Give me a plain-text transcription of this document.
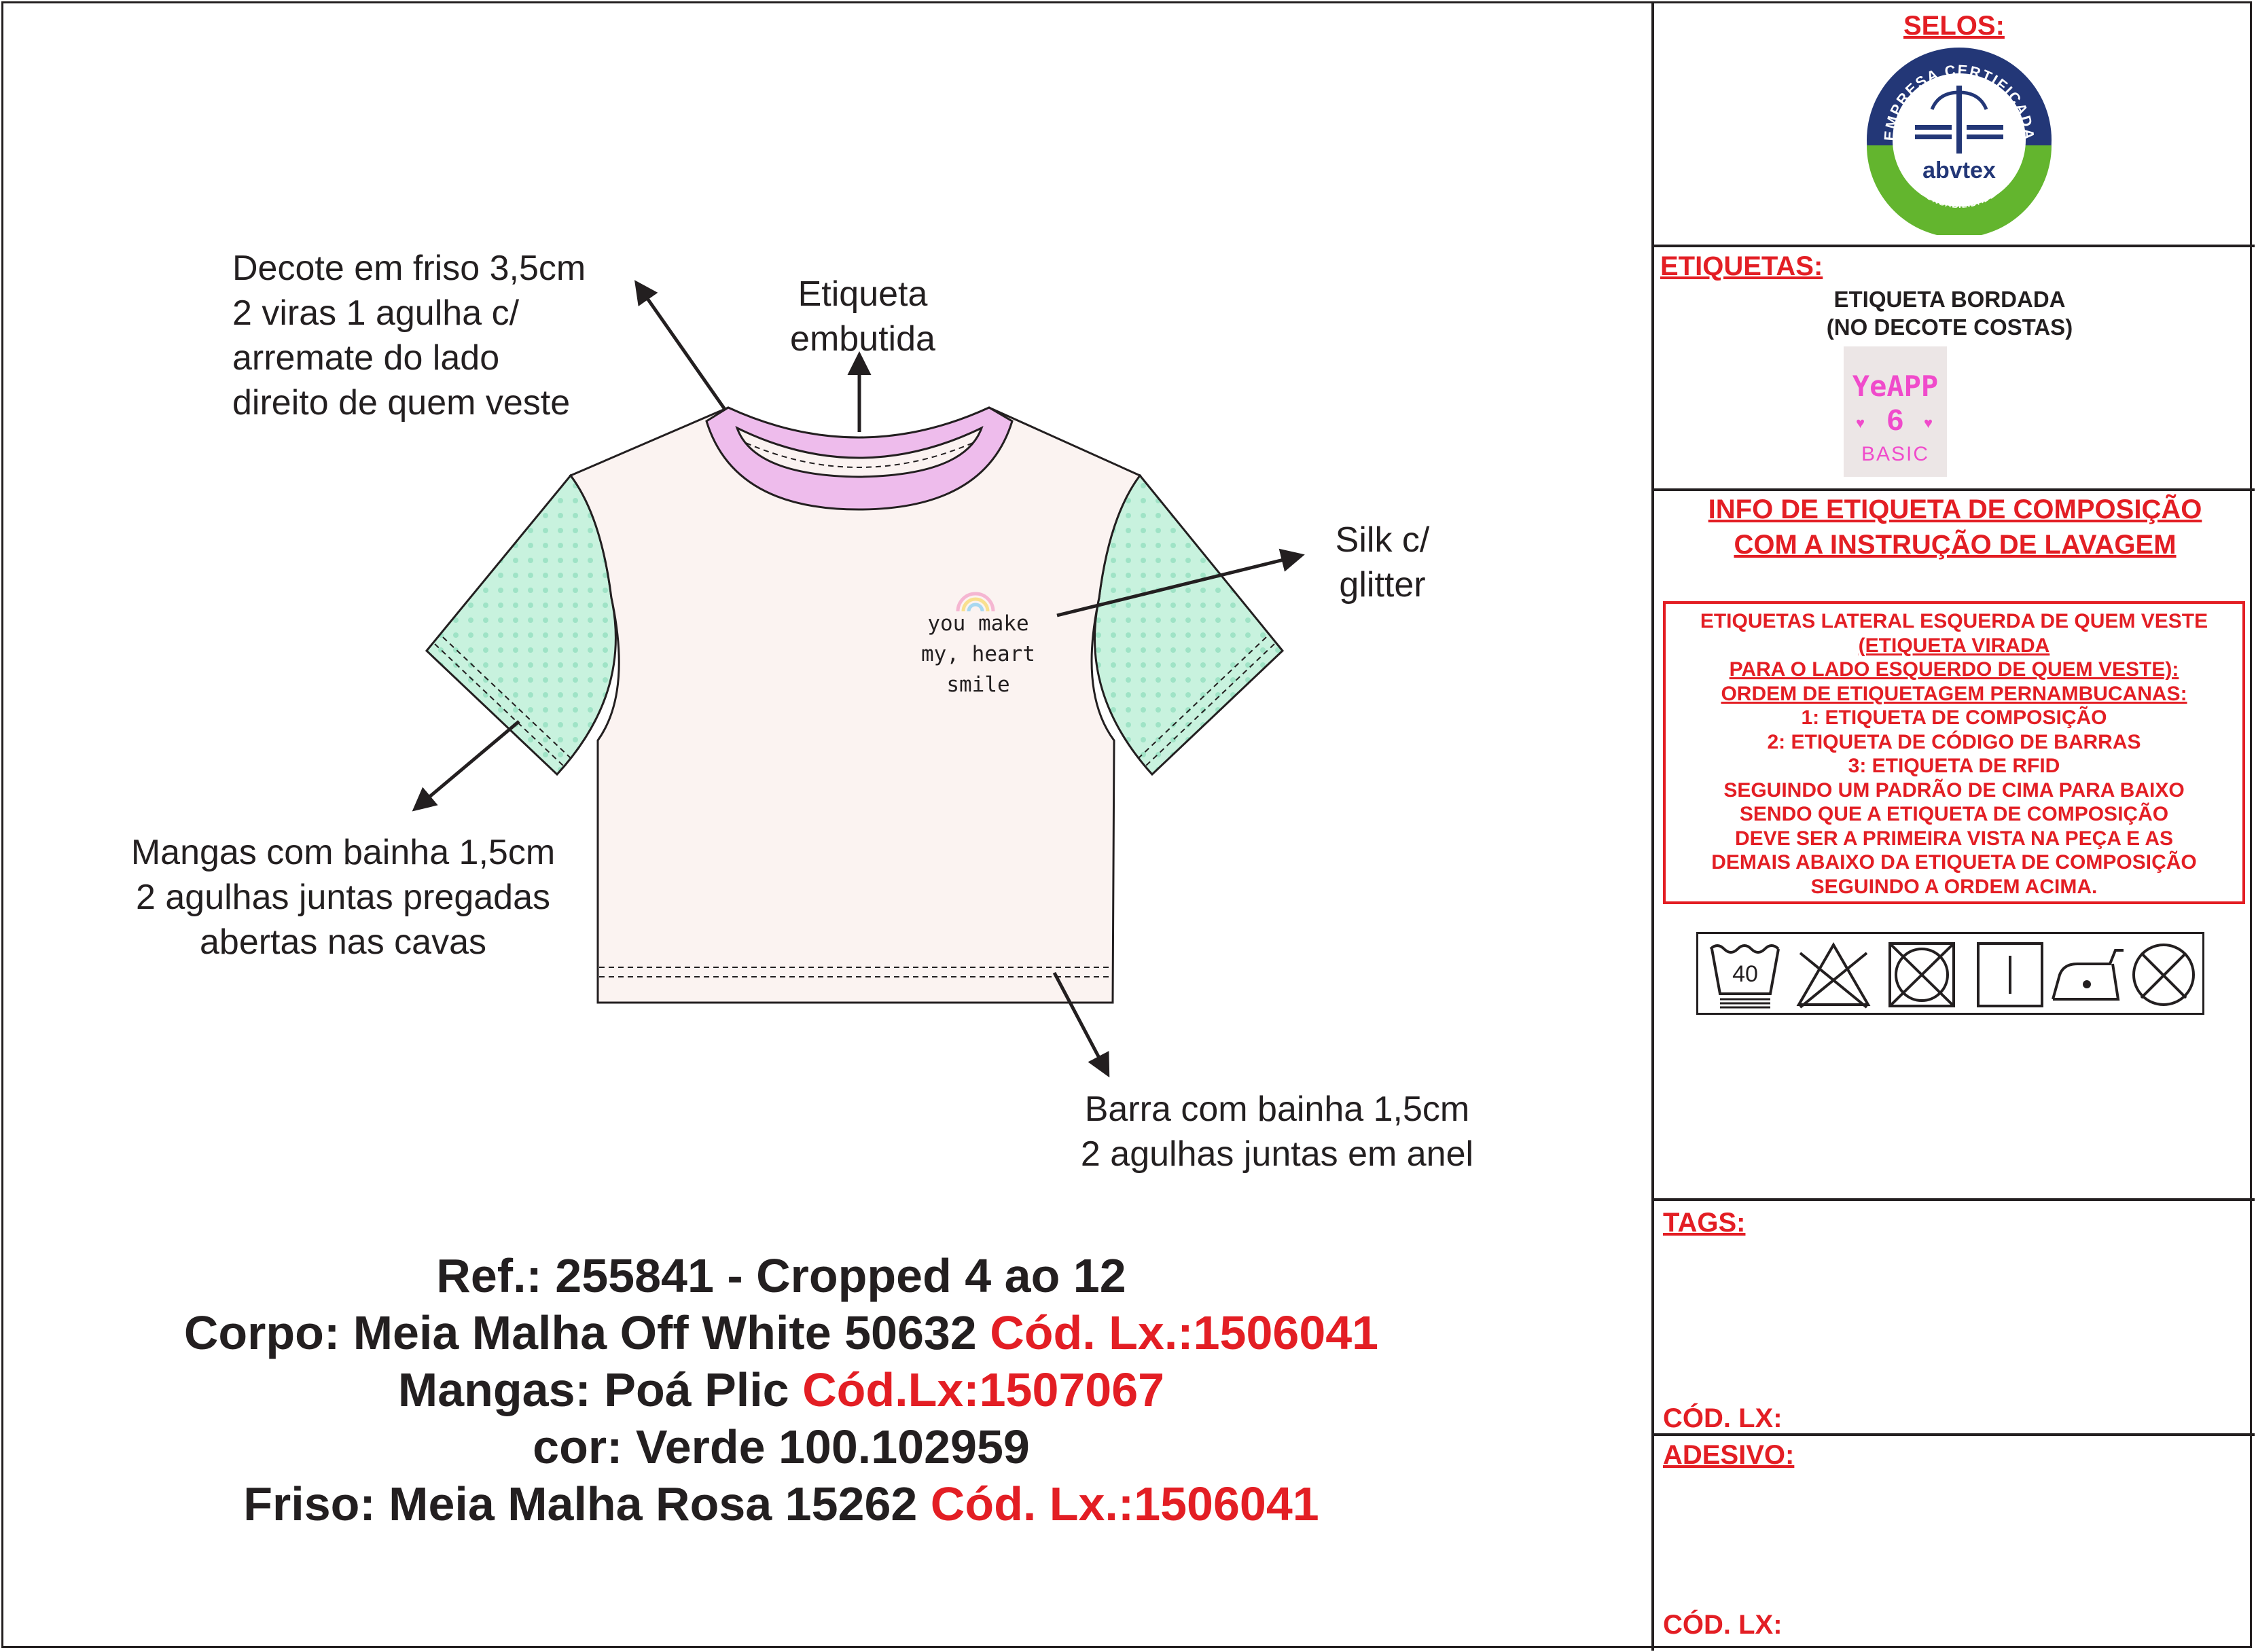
you make
my, heart
smile
Decote em friso 3,5cm
2 viras 1 agulha c/
arremate do lado
direito de quem veste
Etiqueta
embutida
Silk c/
glitter
Mangas com bainha 1,5cm
2 agulhas juntas pregadas
abertas nas cavas
Barra com bainha 1,5cm
2 agulhas juntas em anel
Ref.: 255841 - Cropped 4 ao 12
Corpo: Meia Malha Off White 50632 Cód. Lx.:1506041
Mangas: Poá Plic Cód.Lx:1507067
cor: Verde 100.102959
Friso: Meia Malha Rosa 15262 Cód. Lx.:1506041
SELOS:
EMPRESA CERTIFICADA
EM RESPONSABILIDADE SOCIAL
abvtex
ETIQUETAS:
ETIQUETA BORDADA
(NO DECOTE COSTAS)
YeAPP
6
♥	♥
BASIC
INFO DE ETIQUETA DE COMPOSIÇÃO
COM A INSTRUÇÃO DE LAVAGEM
ETIQUETAS LATERAL ESQUERDA DE QUEM VESTE
(ETIQUETA VIRADA
PARA O LADO ESQUERDO DE QUEM VESTE):
ORDEM DE ETIQUETAGEM PERNAMBUCANAS:
1: ETIQUETA DE COMPOSIÇÃO
2: ETIQUETA DE CÓDIGO DE BARRAS
3: ETIQUETA DE RFID
SEGUINDO UM PADRÃO DE CIMA PARA BAIXO
SENDO QUE A ETIQUETA DE COMPOSIÇÃO
DEVE SER A PRIMEIRA VISTA NA PEÇA E AS
DEMAIS ABAIXO DA ETIQUETA DE COMPOSIÇÃO
SEGUINDO A ORDEM ACIMA.
40
TAGS:
CÓD. LX:
ADESIVO:
CÓD. LX:
